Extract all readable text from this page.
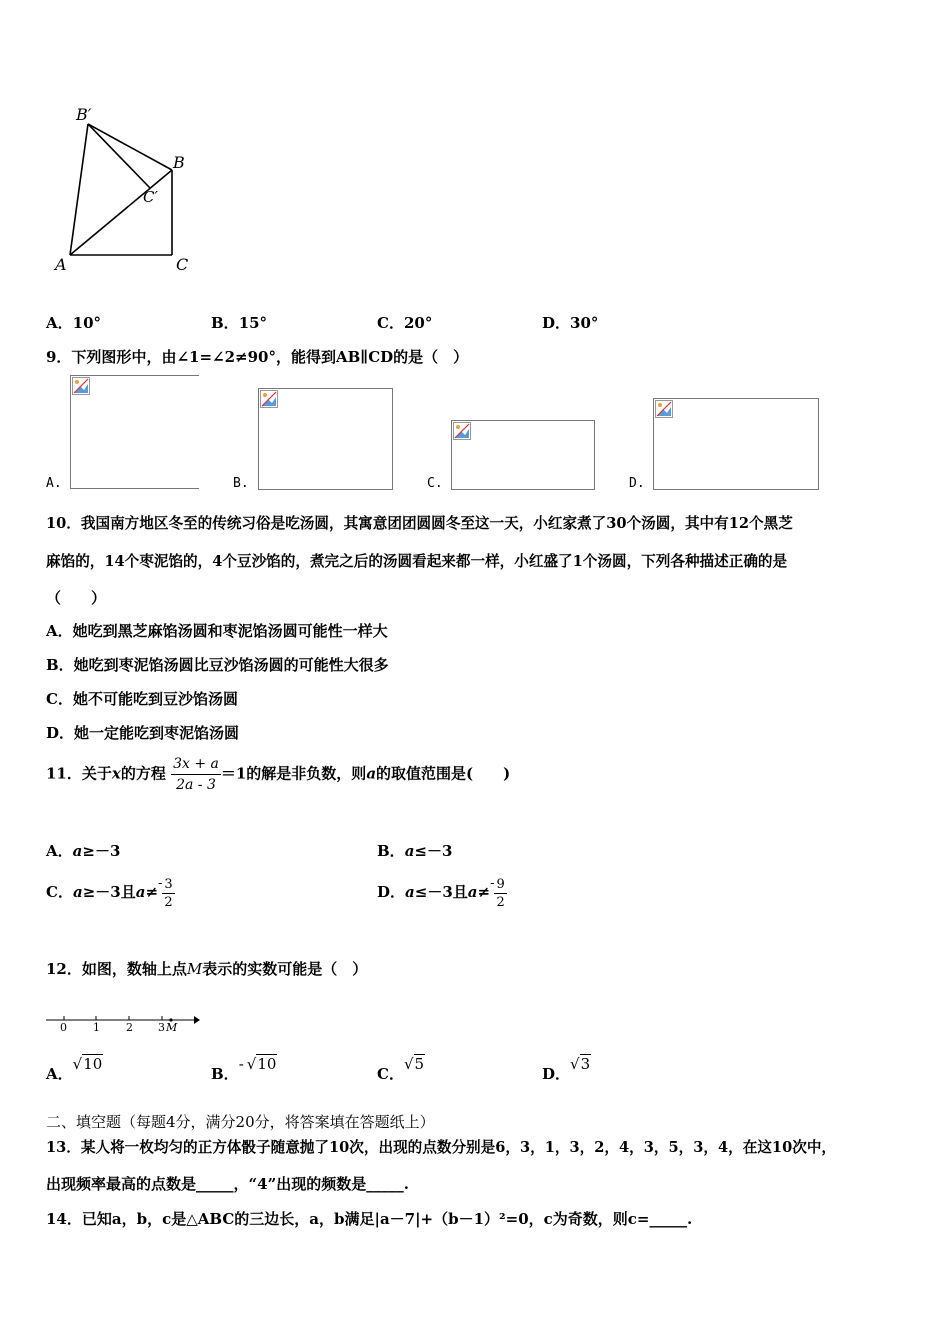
B′
B
C′
A	C
A．10°	B．15°	C．20°	D．30°
9．下列图形中，由∠1=∠2≠90°，能得到AB∥CD的是（　）
A.	B.	C.	D.
10．我国南方地区冬至的传统习俗是吃汤圆，其寓意团团圆圆冬至这一天，小红家煮了30个汤圆，其中有12个黑芝
麻馅的，14个枣泥馅的，4个豆沙馅的，煮完之后的汤圆看起来都一样，小红盛了1个汤圆，下列各种描述正确的是
（　　）
A．她吃到黑芝麻馅汤圆和枣泥馅汤圆可能性一样大
B．她吃到枣泥馅汤圆比豆沙馅汤圆的可能性大很多
C．她不可能吃到豆沙馅汤圆
D．她一定能吃到枣泥馅汤圆
11．关于x的方程 $\frac{3x + a}{2a - 3} =1$的解是非负数，则a的取值范围是(　　)
A．a≥－3	B．a≤－3
C．a≥－3且$a\ne- \frac{3}{2}$	D．a≤－3且$a\ne- \frac{9}{2}$
12．如图，数轴上点M表示的实数可能是（　）
0 1 2 3 M
A．√10
B．- √10
C．√5
D．√3
二、填空题（每题4分，满分20分，将答案填在答题纸上）
13．某人将一枚均匀的正方体骰子随意抛了10次，出现的点数分别是6，3，1，3，2，4，3，5，3，4，在这10次中，
出现频率最高的点数是_____，“4”出现的频数是_____.
14．已知a，b，c是△ABC的三边长，a，b满足|a－7|+（b－1）²=0，c为奇数，则c=_____.
